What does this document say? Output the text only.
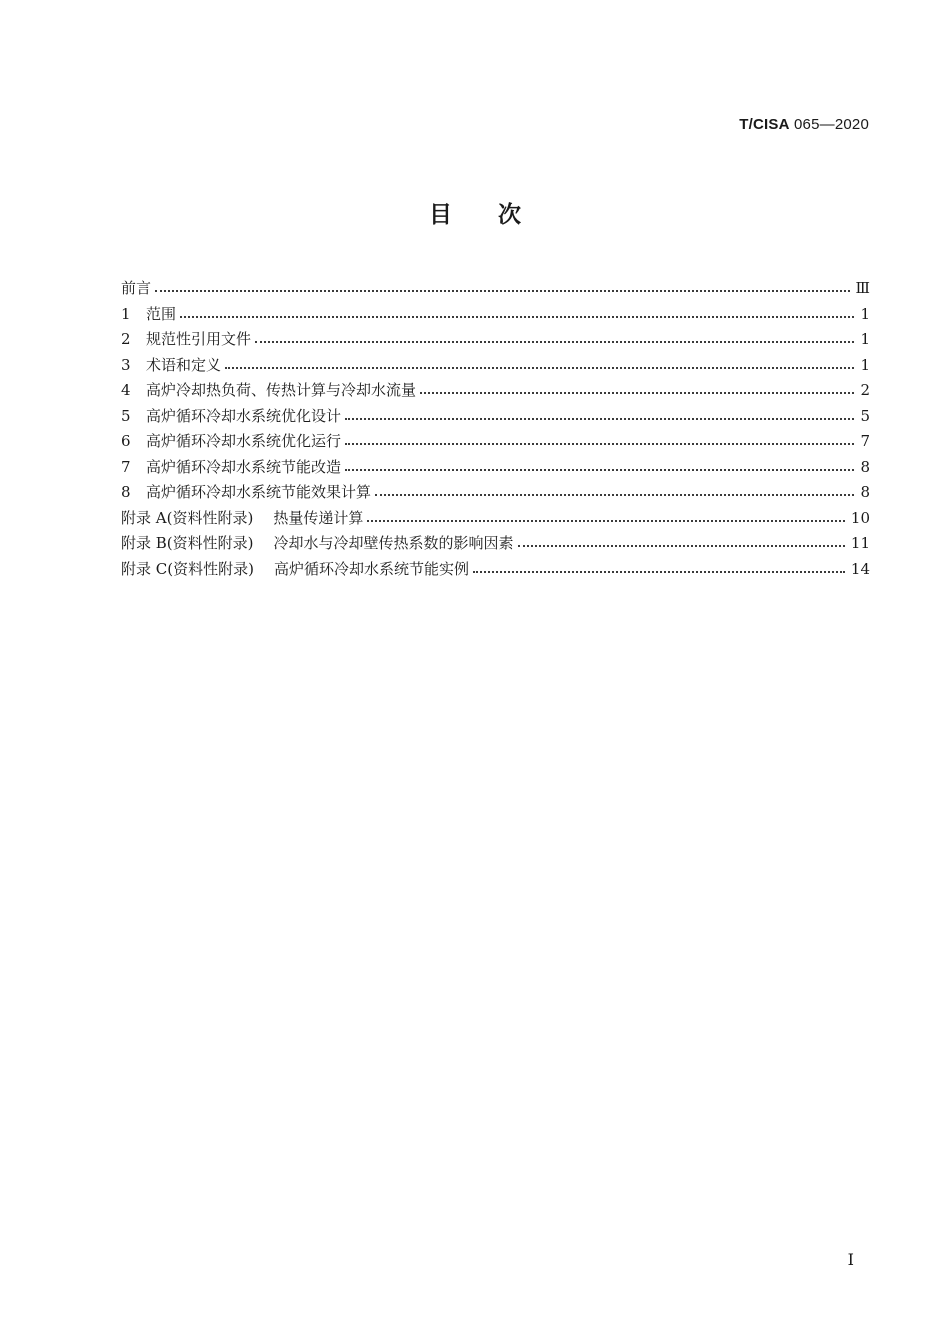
T/CISA 065—2020
目次
前言	Ⅲ
1	范围	1
2	规范性引用文件	1
3	术语和定义	1
4	高炉冷却热负荷、传热计算与冷却水流量	2
5	高炉循环冷却水系统优化设计	5
6	高炉循环冷却水系统优化运行	7
7	高炉循环冷却水系统节能改造	8
8	高炉循环冷却水系统节能效果计算	8
附录 A(资料性附录) 热量传递计算	10
附录 B(资料性附录) 冷却水与冷却壁传热系数的影响因素	11
附录 C(资料性附录) 高炉循环冷却水系统节能实例	14
I
